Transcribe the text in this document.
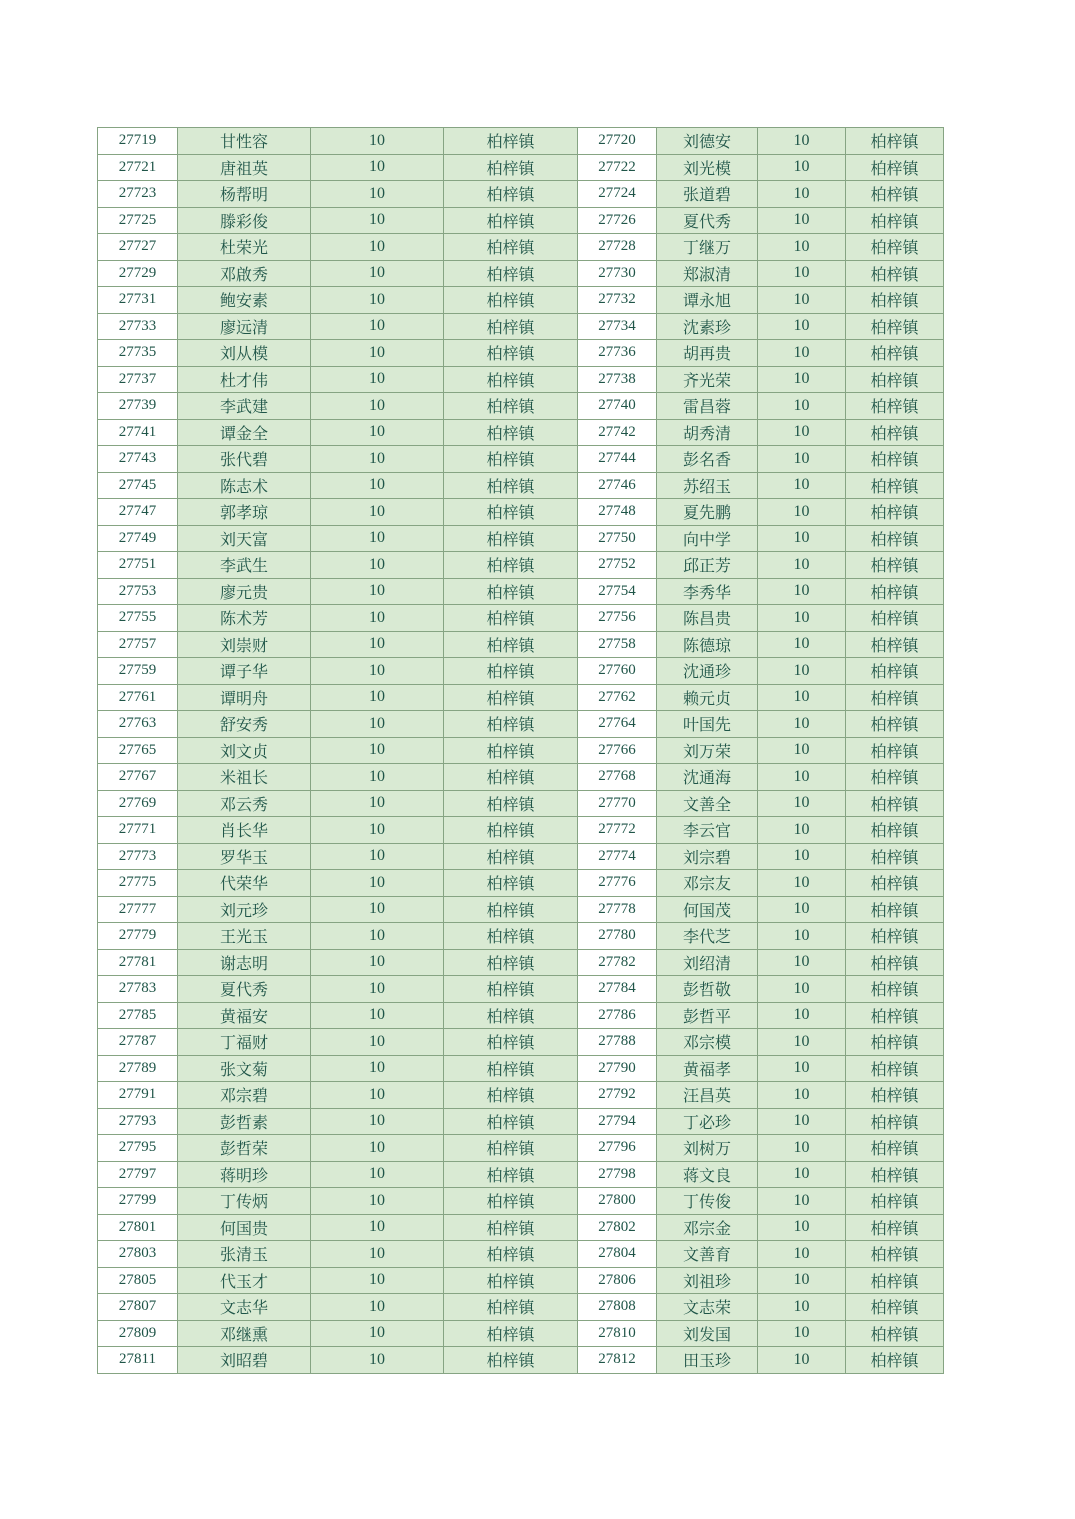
27719	甘性容	10	柏梓镇	27720	刘德安	10	柏梓镇
27721	唐祖英	10	柏梓镇	27722	刘光模	10	柏梓镇
27723	杨帮明	10	柏梓镇	27724	张道碧	10	柏梓镇
27725	滕彩俊	10	柏梓镇	27726	夏代秀	10	柏梓镇
27727	杜荣光	10	柏梓镇	27728	丁继万	10	柏梓镇
27729	邓啟秀	10	柏梓镇	27730	郑淑清	10	柏梓镇
27731	鲍安素	10	柏梓镇	27732	谭永旭	10	柏梓镇
27733	廖远清	10	柏梓镇	27734	沈素珍	10	柏梓镇
27735	刘从模	10	柏梓镇	27736	胡再贵	10	柏梓镇
27737	杜才伟	10	柏梓镇	27738	齐光荣	10	柏梓镇
27739	李武建	10	柏梓镇	27740	雷昌蓉	10	柏梓镇
27741	谭金全	10	柏梓镇	27742	胡秀清	10	柏梓镇
27743	张代碧	10	柏梓镇	27744	彭名香	10	柏梓镇
27745	陈志术	10	柏梓镇	27746	苏绍玉	10	柏梓镇
27747	郭孝琼	10	柏梓镇	27748	夏先鹏	10	柏梓镇
27749	刘天富	10	柏梓镇	27750	向中学	10	柏梓镇
27751	李武生	10	柏梓镇	27752	邱正芳	10	柏梓镇
27753	廖元贵	10	柏梓镇	27754	李秀华	10	柏梓镇
27755	陈术芳	10	柏梓镇	27756	陈昌贵	10	柏梓镇
27757	刘崇财	10	柏梓镇	27758	陈德琼	10	柏梓镇
27759	谭子华	10	柏梓镇	27760	沈通珍	10	柏梓镇
27761	谭明舟	10	柏梓镇	27762	赖元贞	10	柏梓镇
27763	舒安秀	10	柏梓镇	27764	叶国先	10	柏梓镇
27765	刘文贞	10	柏梓镇	27766	刘万荣	10	柏梓镇
27767	米祖长	10	柏梓镇	27768	沈通海	10	柏梓镇
27769	邓云秀	10	柏梓镇	27770	文善全	10	柏梓镇
27771	肖长华	10	柏梓镇	27772	李云官	10	柏梓镇
27773	罗华玉	10	柏梓镇	27774	刘宗碧	10	柏梓镇
27775	代荣华	10	柏梓镇	27776	邓宗友	10	柏梓镇
27777	刘元珍	10	柏梓镇	27778	何国茂	10	柏梓镇
27779	王光玉	10	柏梓镇	27780	李代芝	10	柏梓镇
27781	谢志明	10	柏梓镇	27782	刘绍清	10	柏梓镇
27783	夏代秀	10	柏梓镇	27784	彭哲敬	10	柏梓镇
27785	黄福安	10	柏梓镇	27786	彭哲平	10	柏梓镇
27787	丁福财	10	柏梓镇	27788	邓宗模	10	柏梓镇
27789	张文菊	10	柏梓镇	27790	黄福孝	10	柏梓镇
27791	邓宗碧	10	柏梓镇	27792	汪昌英	10	柏梓镇
27793	彭哲素	10	柏梓镇	27794	丁必珍	10	柏梓镇
27795	彭哲荣	10	柏梓镇	27796	刘树万	10	柏梓镇
27797	蒋明珍	10	柏梓镇	27798	蒋文良	10	柏梓镇
27799	丁传炳	10	柏梓镇	27800	丁传俊	10	柏梓镇
27801	何国贵	10	柏梓镇	27802	邓宗金	10	柏梓镇
27803	张清玉	10	柏梓镇	27804	文善育	10	柏梓镇
27805	代玉才	10	柏梓镇	27806	刘祖珍	10	柏梓镇
27807	文志华	10	柏梓镇	27808	文志荣	10	柏梓镇
27809	邓继熏	10	柏梓镇	27810	刘发国	10	柏梓镇
27811	刘昭碧	10	柏梓镇	27812	田玉珍	10	柏梓镇
